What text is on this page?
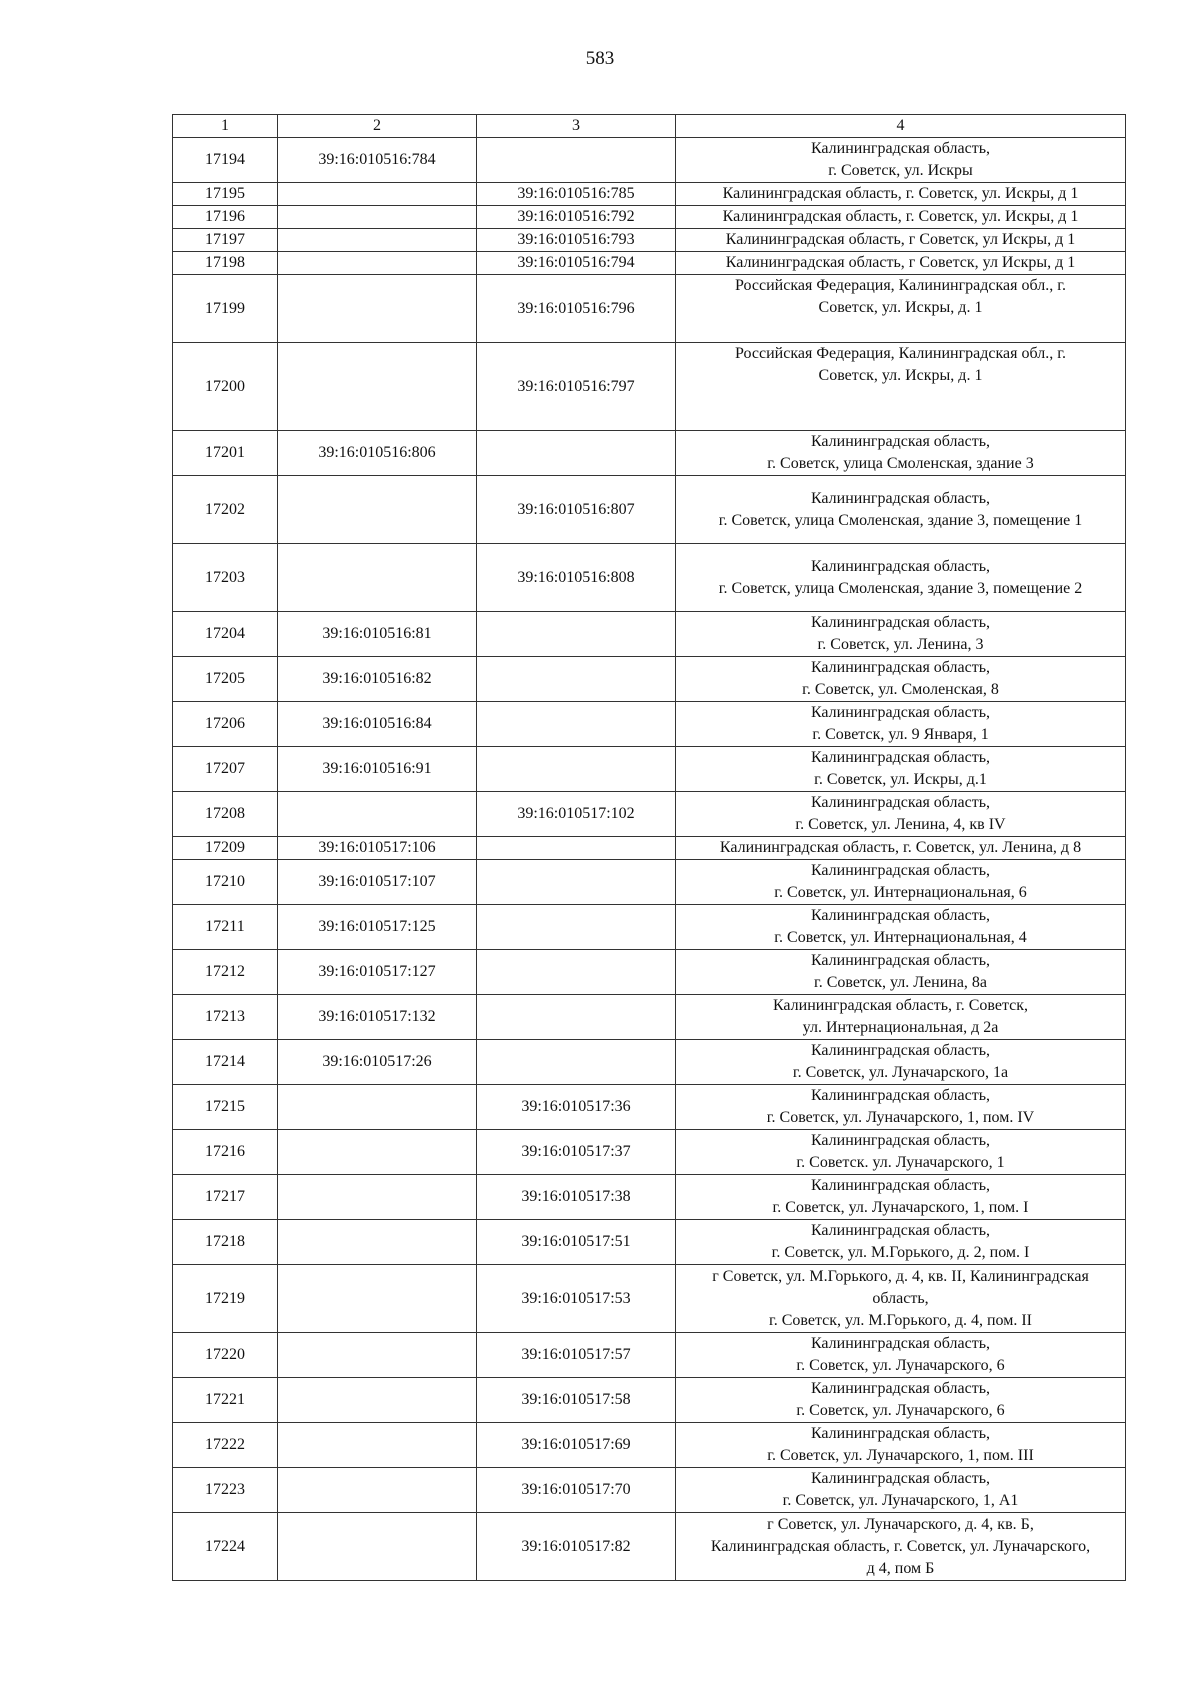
583
1	2	3	4
17194	39:16:010516:784		Калининградская область,
г. Советск, ул. Искры

17195		39:16:010516:785	Калининградская область, г. Советск, ул. Искры, д 1

17196		39:16:010516:792	Калининградская область, г. Советск, ул. Искры, д 1

17197		39:16:010516:793	Калининградская область, г Советск, ул Искры, д 1

17198		39:16:010516:794	Калининградская область, г Советск, ул Искры, д 1

17199		39:16:010516:796	Российская Федерация, Калининградская обл., г.
Советск, ул. Искры, д. 1

17200		39:16:010516:797	Российская Федерация, Калининградская обл., г.
Советск, ул. Искры, д. 1

17201	39:16:010516:806		Калининградская область,
г. Советск, улица Смоленская, здание 3

17202		39:16:010516:807	Калининградская область,
г. Советск, улица Смоленская, здание 3, помещение 1

17203		39:16:010516:808	Калининградская область,
г. Советск, улица Смоленская, здание 3, помещение 2

17204	39:16:010516:81		Калининградская область,
г. Советск, ул. Ленина, 3

17205	39:16:010516:82		Калининградская область,
г. Советск, ул. Смоленская, 8

17206	39:16:010516:84		Калининградская область,
г. Советск, ул. 9 Января, 1

17207	39:16:010516:91		Калининградская область,
г. Советск, ул. Искры, д.1

17208		39:16:010517:102	Калининградская область,
г. Советск, ул. Ленина, 4, кв IV

17209	39:16:010517:106		Калининградская область, г. Советск, ул. Ленина, д 8

17210	39:16:010517:107		Калининградская область,
г. Советск, ул. Интернациональная, 6

17211	39:16:010517:125		Калининградская область,
г. Советск, ул. Интернациональная, 4

17212	39:16:010517:127		Калининградская область,
г. Советск, ул. Ленина, 8а

17213	39:16:010517:132		Калининградская область, г. Советск,
ул. Интернациональная, д 2а

17214	39:16:010517:26		Калининградская область,
г. Советск, ул. Луначарского, 1а

17215		39:16:010517:36	Калининградская область,
г. Советск, ул. Луначарского, 1, пом. IV

17216		39:16:010517:37	Калининградская область,
г. Советск. ул. Луначарского, 1

17217		39:16:010517:38	Калининградская область,
г. Советск, ул. Луначарского, 1, пом. I

17218		39:16:010517:51	Калининградская область,
г. Советск, ул. М.Горького, д. 2, пом. I

17219		39:16:010517:53	г Советск, ул. М.Горького, д. 4, кв. II, Калининградская
область,
г. Советск, ул. М.Горького, д. 4, пом. II

17220		39:16:010517:57	Калининградская область,
г. Советск, ул. Луначарского, 6

17221		39:16:010517:58	Калининградская область,
г. Советск, ул. Луначарского, 6

17222		39:16:010517:69	Калининградская область,
г. Советск, ул. Луначарского, 1, пом. III

17223		39:16:010517:70	Калининградская область,
г. Советск, ул. Луначарского, 1, А1

17224		39:16:010517:82	г Советск, ул. Луначарского, д. 4, кв. Б,
Калининградская область, г. Советск, ул. Луначарского,
д 4, пом Б
